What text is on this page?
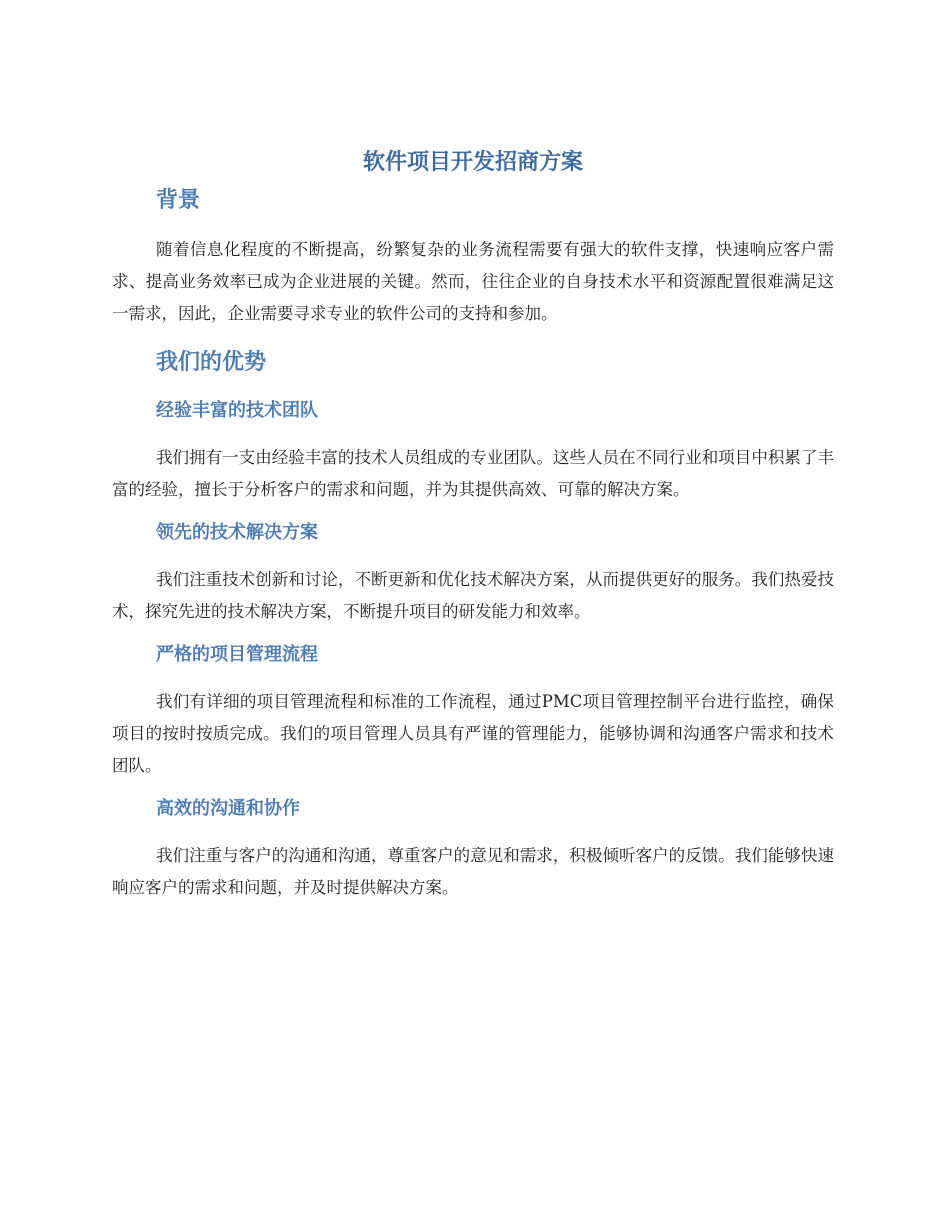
软件项目开发招商方案
背景

随着信息化程度的不断提高，纷繁复杂的业务流程需要有强大的软件支撑，快速响应客户需求、提高业务效率已成为企业进展的关键。然而，往往企业的自身技术水平和资源配置很难满足这一需求，因此，企业需要寻求专业的软件公司的支持和参加。

我们的优势
经验丰富的技术团队

我们拥有一支由经验丰富的技术人员组成的专业团队。这些人员在不同行业和项目中积累了丰富的经验，擅长于分析客户的需求和问题，并为其提供高效、可靠的解决方案。

领先的技术解决方案

我们注重技术创新和讨论，不断更新和优化技术解决方案，从而提供更好的服务。我们热爱技术，探究先进的技术解决方案，不断提升项目的研发能力和效率。

严格的项目管理流程

我们有详细的项目管理流程和标准的工作流程，通过PMC项目管理控制平台进行监控，确保项目的按时按质完成。我们的项目管理人员具有严谨的管理能力，能够协调和沟通客户需求和技术团队。

高效的沟通和协作

我们注重与客户的沟通和沟通，尊重客户的意见和需求，积极倾听客户的反馈。我们能够快速响应客户的需求和问题，并及时提供解决方案。
